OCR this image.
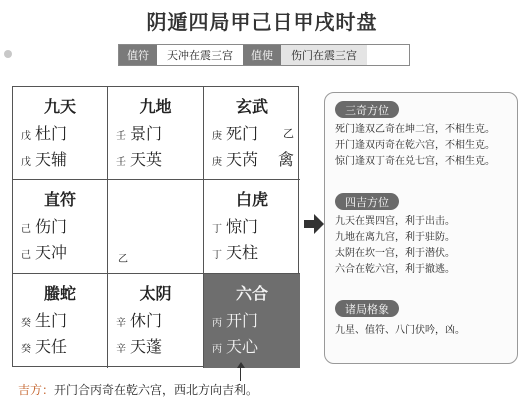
阴遁四局甲己日甲戌时盘
值符	天冲在震三宫	值使	伤门在震三宫
九天
戊 杜门
戊 天辅
九地
壬 景门
壬 天英
玄武
庚 死门
庚 天芮
乙
禽
直符
己 伤门
己 天冲	乙
白虎
丁 惊门
丁 天柱
螣蛇
癸 生门
癸 天任
太阴
辛 休门
辛 天蓬
六合
丙 开门
丙 天心
吉方：开门合丙奇在乾六宫，西北方向吉利。
三奇方位
死门逢双乙奇在坤二宫，不相生克。
开门逢双丙奇在乾六宫，不相生克。
惊门逢双丁奇在兑七宫，不相生克。
四吉方位
九天在巽四宫，利于出击。
九地在离九宫，利于驻防。
太阴在坎一宫，利于潜伏。
六合在乾六宫，利于撤逃。
诸局格象
九星、值符、八门伏吟，凶。
